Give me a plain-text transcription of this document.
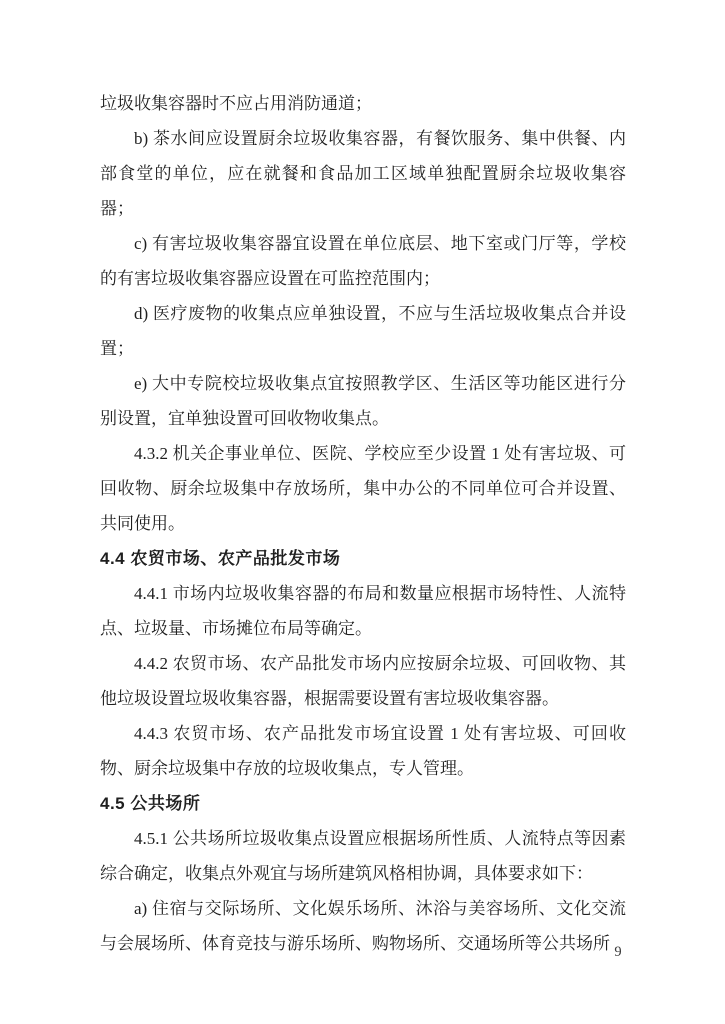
垃圾收集容器时不应占用消防通道；

b) 茶水间应设置厨余垃圾收集容器，有餐饮服务、集中供餐、内部食堂的单位，应在就餐和食品加工区域单独配置厨余垃圾收集容器；

c) 有害垃圾收集容器宜设置在单位底层、地下室或门厅等，学校的有害垃圾收集容器应设置在可监控范围内；

d) 医疗废物的收集点应单独设置，不应与生活垃圾收集点合并设置；

e) 大中专院校垃圾收集点宜按照教学区、生活区等功能区进行分别设置，宜单独设置可回收物收集点。

4.3.2 机关企事业单位、医院、学校应至少设置 1 处有害垃圾、可回收物、厨余垃圾集中存放场所，集中办公的不同单位可合并设置、共同使用。

4.4 农贸市场、农产品批发市场

4.4.1 市场内垃圾收集容器的布局和数量应根据市场特性、人流特点、垃圾量、市场摊位布局等确定。

4.4.2 农贸市场、农产品批发市场内应按厨余垃圾、可回收物、其他垃圾设置垃圾收集容器，根据需要设置有害垃圾收集容器。

4.4.3 农贸市场、农产品批发市场宜设置 1 处有害垃圾、可回收物、厨余垃圾集中存放的垃圾收集点，专人管理。

4.5 公共场所

4.5.1 公共场所垃圾收集点设置应根据场所性质、人流特点等因素综合确定，收集点外观宜与场所建筑风格相协调，具体要求如下：

a) 住宿与交际场所、文化娱乐场所、沐浴与美容场所、文化交流与会展场所、体育竞技与游乐场所、购物场所、交通场所等公共场所 9
